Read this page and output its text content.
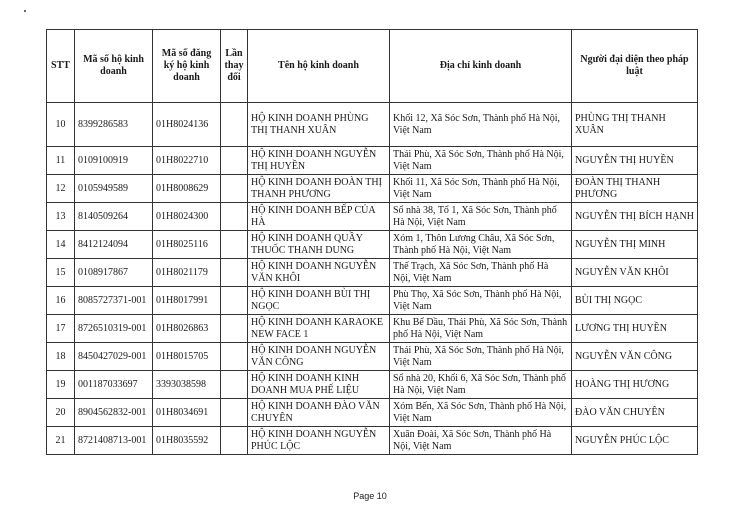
STT	Mã số hộ kinh doanh	Mã số đăng ký hộ kinh doanh	Lần thay đổi	Tên hộ kinh doanh	Địa chỉ kinh doanh	Người đại diện theo pháp luật
10	8399286583	01H8024136		HỘ KINH DOANH PHÙNG THỊ THANH XUÂN	Khối 12, Xã Sóc Sơn, Thành phố Hà Nội, Việt Nam	PHÙNG THỊ THANH XUÂN
11	0109100919	01H8022710		HỘ KINH DOANH NGUYỄN THỊ HUYỀN	Thái Phù, Xã Sóc Sơn, Thành phố Hà Nội, Việt Nam	NGUYỄN THỊ HUYỀN
12	0105949589	01H8008629		HỘ KINH DOANH ĐOÀN THỊ THANH PHƯƠNG	Khối 11, Xã Sóc Sơn, Thành phố Hà Nội, Việt Nam	ĐOÀN THỊ THANH PHƯƠNG
13	8140509264	01H8024300		HỘ KINH DOANH BẾP CỦA HÀ	Số nhà 38, Tổ 1, Xã Sóc Sơn, Thành phố Hà Nội, Việt Nam	NGUYỄN THỊ BÍCH HẠNH
14	8412124094	01H8025116		HỘ KINH DOANH QUẦY THUỐC THANH DUNG	Xóm 1, Thôn Lương Châu, Xã Sóc Sơn, Thành phố Hà Nội, Việt Nam	NGUYỄN THỊ MINH
15	0108917867	01H8021179		HỘ KINH DOANH NGUYỄN VĂN KHÔI	Thế Trạch, Xã Sóc Sơn, Thành phố Hà Nội, Việt Nam	NGUYỄN VĂN KHÔI
16	8085727371-001	01H8017991		HỘ KINH DOANH BÙI THỊ NGỌC	Phù Thọ, Xã Sóc Sơn, Thành phố Hà Nội, Việt Nam	BÙI THỊ NGỌC
17	8726510319-001	01H8026863		HỘ KINH DOANH KARAOKE NEW FACE 1	Khu Bể Dầu, Thái Phù, Xã Sóc Sơn, Thành phố Hà Nội, Việt Nam	LƯƠNG THỊ HUYỀN
18	8450427029-001	01H8015705		HỘ KINH DOANH NGUYỄN VĂN CÔNG	Thái Phù, Xã Sóc Sơn, Thành phố Hà Nội, Việt Nam	NGUYỄN VĂN CÔNG
19	001187033697	3393038598		HỘ KINH DOANH KINH DOANH MUA PHẾ LIỆU	Số nhà 20, Khối 6, Xã Sóc Sơn, Thành phố Hà Nội, Việt Nam	HOÀNG THỊ HƯƠNG
20	8904562832-001	01H8034691		HỘ KINH DOANH ĐÀO VĂN CHUYÊN	Xóm Bến, Xã Sóc Sơn, Thành phố Hà Nội, Việt Nam	ĐÀO VĂN CHUYÊN
21	8721408713-001	01H8035592		HỘ KINH DOANH NGUYỄN PHÚC LỘC	Xuân Đoài, Xã Sóc Sơn, Thành phố Hà Nội, Việt Nam	NGUYỄN PHÚC LỘC
Page 10
